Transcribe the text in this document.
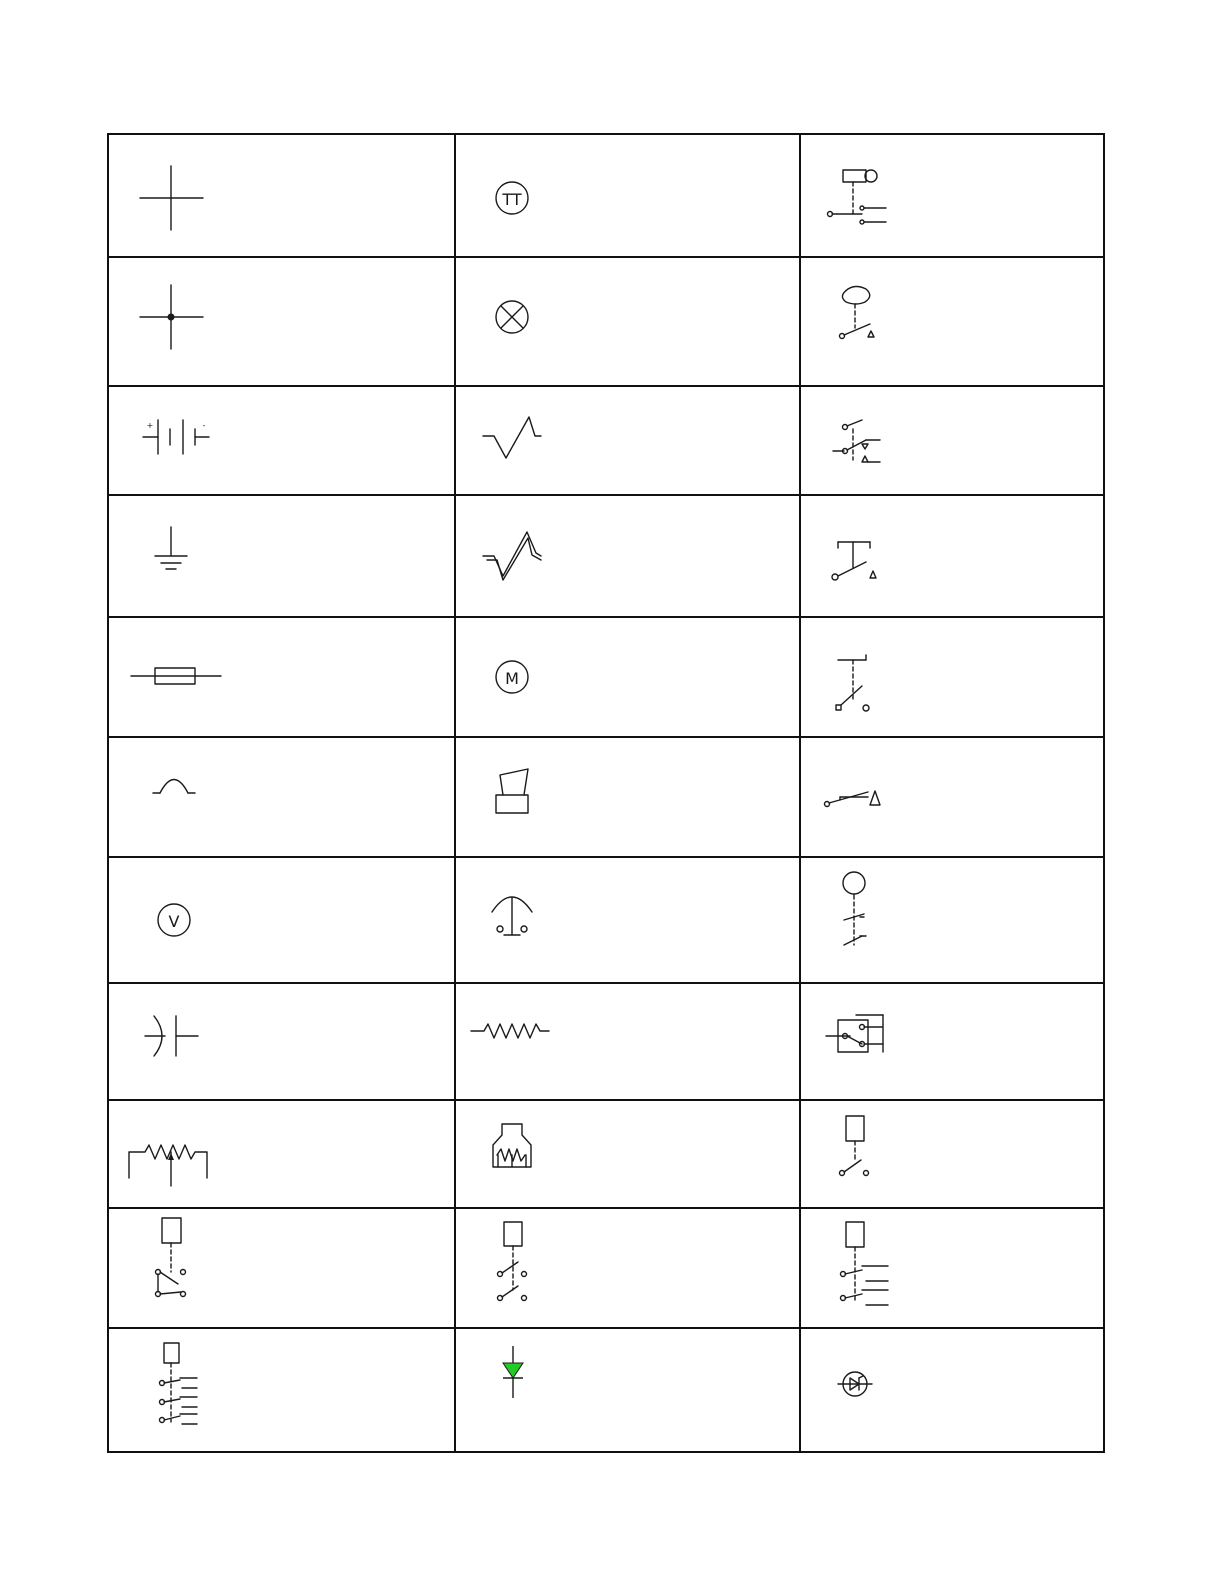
TT
+	-
M
V
